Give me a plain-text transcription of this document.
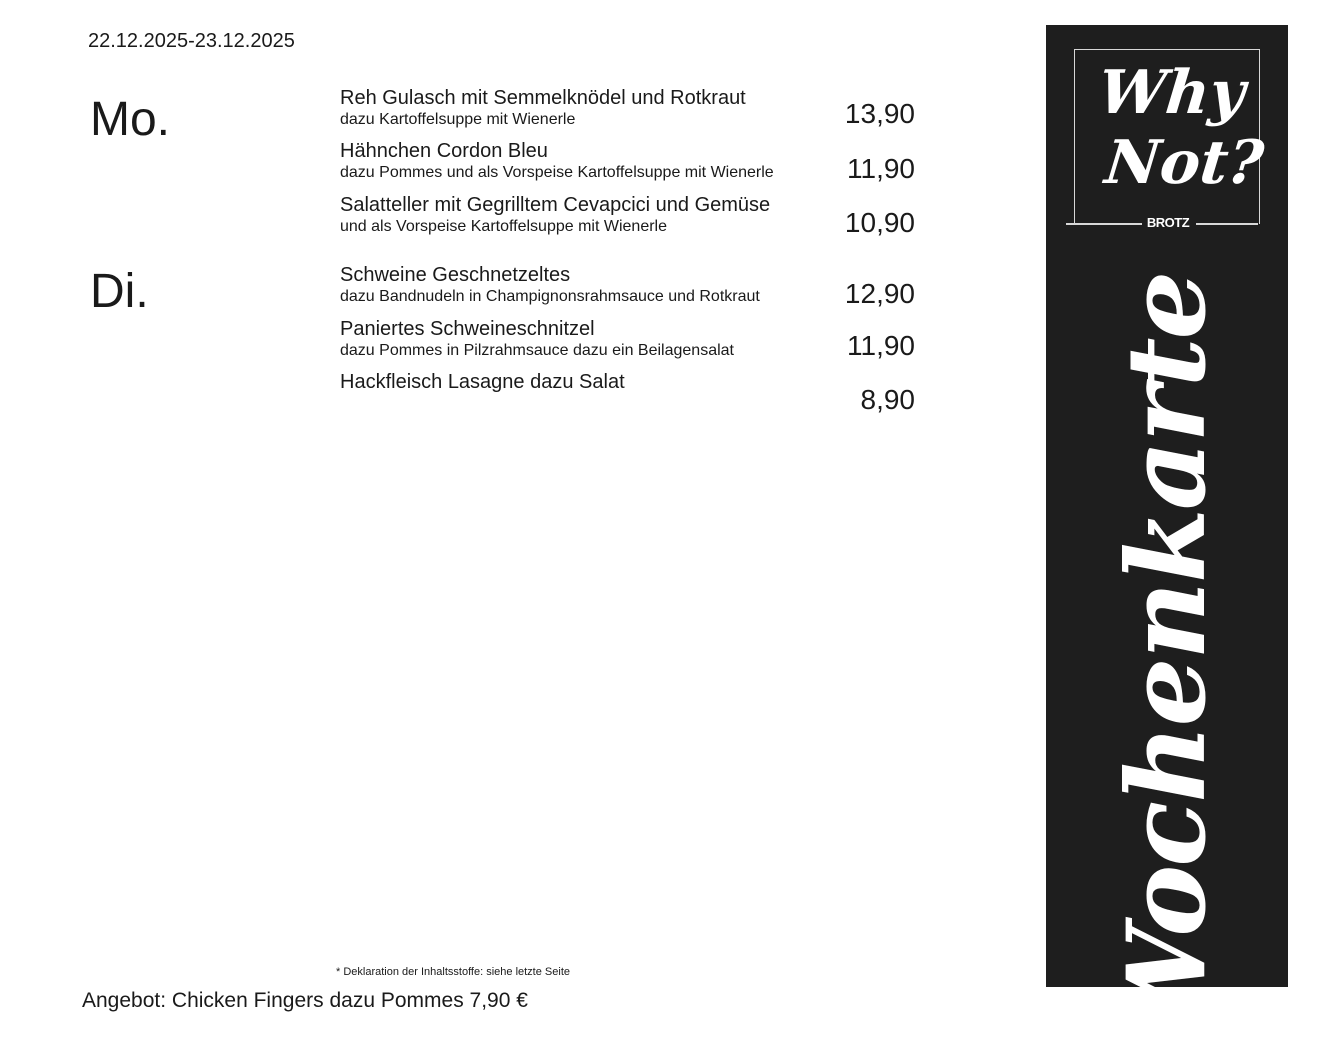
22.12.2025-23.12.2025
Mo.	Reh Gulasch mit Semmelknödel und Rotkraut
dazu Kartoffelsuppe mit Wienerle	13,90
Hähnchen Cordon Bleu
dazu Pommes und als Vorspeise Kartoffelsuppe mit Wienerle	11,90
Salatteller mit Gegrilltem Cevapcici und Gemüse
und als Vorspeise Kartoffelsuppe mit Wienerle	10,90
Di.	Schweine Geschnetzeltes
dazu Bandnudeln in Champignonsrahmsauce und Rotkraut	12,90
Paniertes Schweineschnitzel
dazu Pommes in Pilzrahmsauce dazu ein Beilagensalat	11,90
Hackfleisch Lasagne dazu Salat
8,90
* Deklaration der Inhaltsstoffe: siehe letzte Seite
Angebot: Chicken Fingers dazu Pommes 7,90 €
Why
Not?
BROTZ
Wochenkarte
